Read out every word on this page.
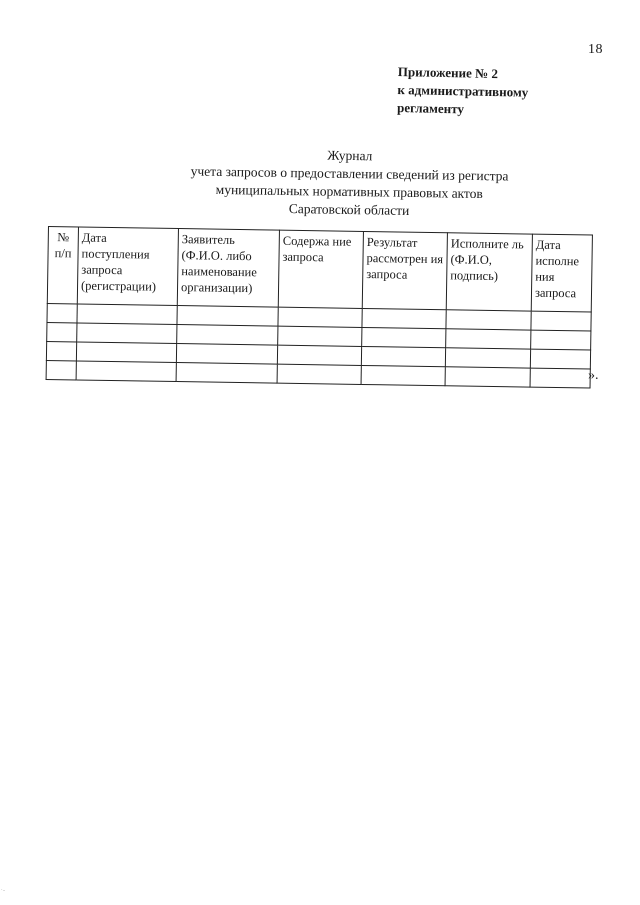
18
Приложение № 2
к административному
регламенту
Журнал
учета запросов о предоставлении сведений из регистра
муниципальных нормативных правовых актов
Саратовской области
№ п/п	Дата поступления запроса (регистрации)	Заявитель (Ф.И.О. либо наименование организации)	Содержа ние запроса	Результат рассмотрен ия запроса	Исполните ль (Ф.И.О, подпись)	Дата исполне ния запроса

».
·..
